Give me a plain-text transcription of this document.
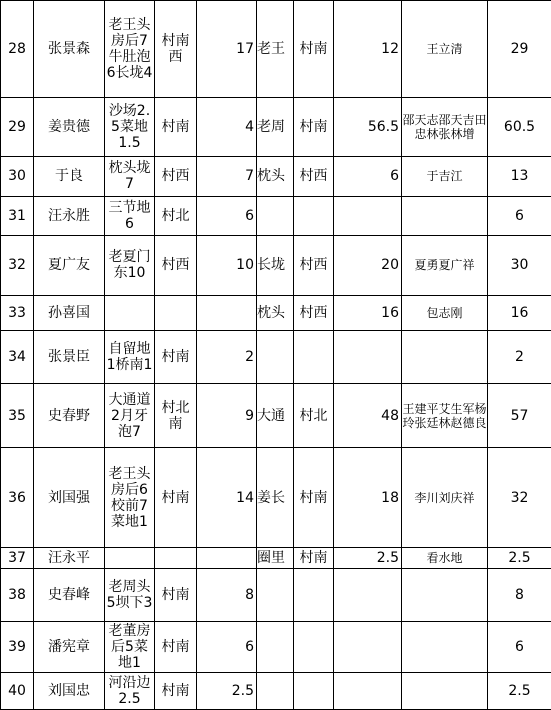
28	张景森	老王头房后7牛肚泡6长垅4	村南西	17	老王	村南	12	王立清	29
29	姜贵德	沙场2.5菜地1.5	村南	4	老周	村南	56.5	邵天志邵天吉田忠林张林增	60.5
30	于良	枕头垅7	村西	7	枕头	村西	6	于吉江	13
31	汪永胜	三节地6	村北	6					6
32	夏广友	老夏门东10	村西	10	长垅	村西	20	夏勇夏广祥	30
33	孙喜国				枕头	村西	16	包志刚	16
34	张景臣	自留地1桥南1	村南	2					2
35	史春野	大通道2月牙泡7	村北南	9	大通	村北	48	王建平艾生军杨玲张廷林赵德良	57
36	刘国强	老王头房后6校前7菜地1	村南	14	姜长	村南	18	李川刘庆祥	32
37	汪永平				圈里	村南	2.5	看水地	2.5
38	史春峰	老周头5坝下3	村南	8					8
39	潘宪章	老董房后5菜地1	村南	6					6
40	刘国忠	河沿边2.5	村南	2.5					2.5
